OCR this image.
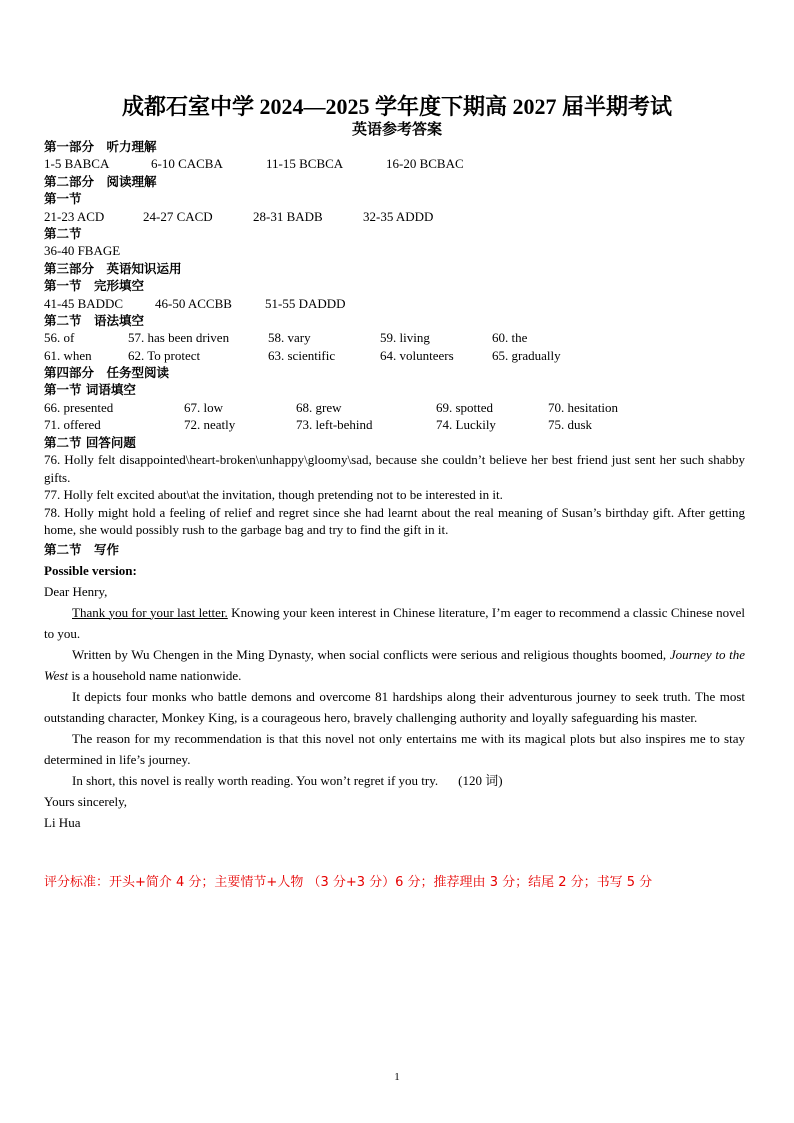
成都石室中学 2024—2025 学年度下期高 2027 届半期考试
英语参考答案
第一部分　听力理解
1-5 BABCA	6-10 CACBA	11-15 BCBCA	16-20 BCBAC
第二部分　阅读理解
第一节
21-23 ACD	24-27 CACD	28-31 BADB	32-35 ADDD
第二节
36-40 FBAGE
第三部分　英语知识运用
第一节　完形填空
41-45 BADDC 46-50 ACCBB	51-55 DADDD
第二节　语法填空
56. of	57. has been driven	58. vary	59. living	60. the
61. when	62. To protect	63. scientific	64. volunteers	65. gradually
第四部分　任务型阅读
第一节 词语填空
66. presented	67. low	68. grew	69. spotted	70. hesitation
71. offered	72. neatly	73. left-behind	74. Luckily	75. dusk
第二节 回答问题
76. Holly felt disappointed\heart-broken\unhappy\gloomy\sad, because she couldn’t believe her best friend just sent her such shabby gifts.
77. Holly felt excited about\at the invitation, though pretending not to be interested in it.
78. Holly might hold a feeling of relief and regret since she had learnt about the real meaning of Susan’s birthday gift. After getting home, she would possibly rush to the garbage bag and try to find the gift in it.
第二节　写作

Possible version:

Dear Henry,

Thank you for your last letter. Knowing your keen interest in Chinese literature, I’m eager to recommend a classic Chinese novel to you.

Written by Wu Chengen in the Ming Dynasty, when social conflicts were serious and religious thoughts boomed, Journey to the West is a household name nationwide.

It depicts four monks who battle demons and overcome 81 hardships along their adventurous journey to seek truth. The most outstanding character, Monkey King, is a courageous hero, bravely challenging authority and loyally safeguarding his master.

The reason for my recommendation is that this novel not only entertains me with its magical plots but also inspires me to stay determined in life’s journey.

In short, this novel is really worth reading. You won’t regret if you try. (120 词)

Yours sincerely,

Li Hua

评分标准：开头+简介 4 分；主要情节+人物 （3 分+3 分）6 分；推荐理由 3 分；结尾 2 分；书写 5 分
1
